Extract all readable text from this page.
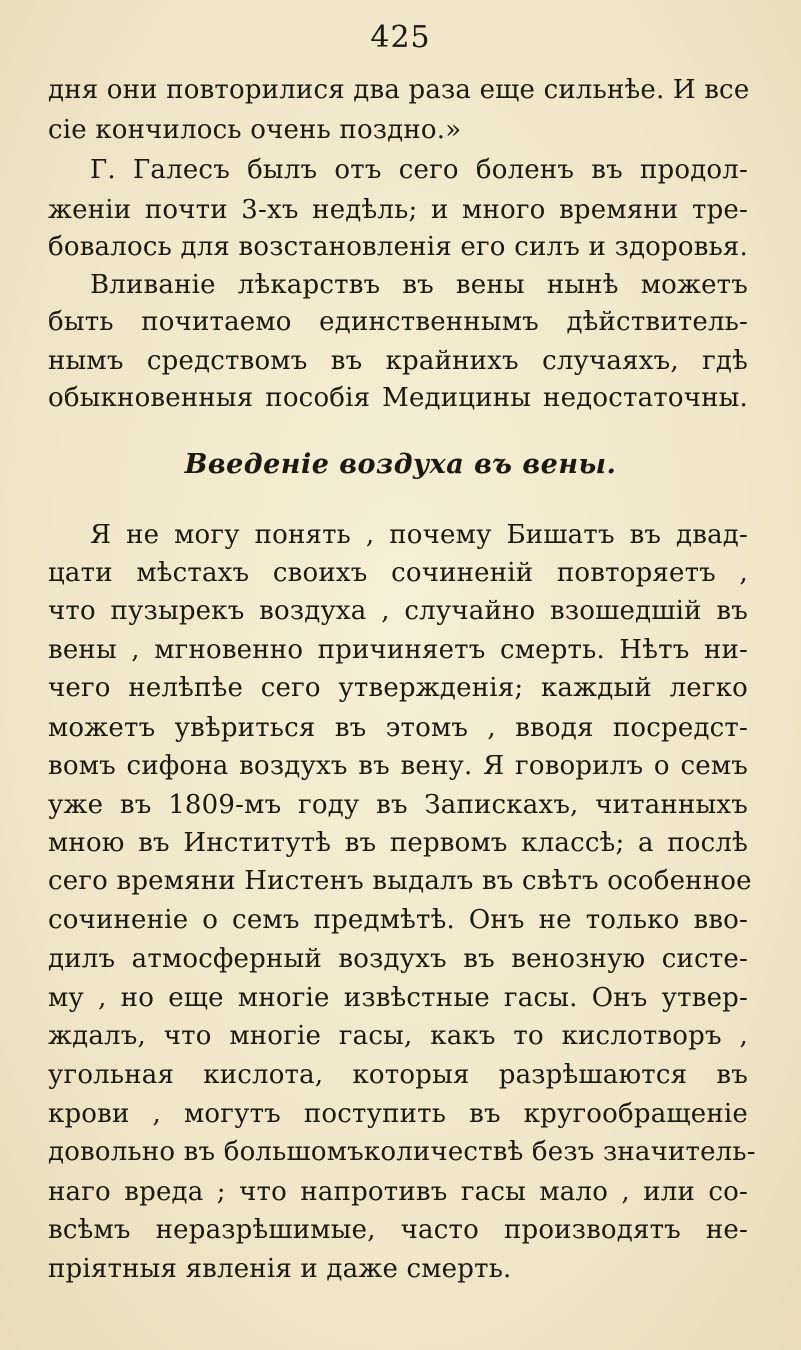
425
дня они повторилися два раза еще сильнѣе. И все
сіе кончилось очень поздно.»
Г. Галесъ былъ отъ сего боленъ въ продол-
женіи почти 3-хъ недѣль; и много времяни тре-
бовалось для возстановленія его силъ и здоровья.
Вливаніе лѣкарствъ въ вены нынѣ можетъ
быть почитаемо единственнымъ дѣйствитель-
нымъ средствомъ въ крайнихъ случаяхъ, гдѣ
обыкновенныя пособія Медицины недостаточны.
Введеніе воздуха въ вены.
Я не могу понять , почему Бишатъ въ двад-
цати мѣстахъ своихъ сочиненій повторяетъ ,
что пузырекъ воздуха , случайно взошедшій въ
вены , мгновенно причиняетъ смерть. Нѣтъ ни-
чего нелѣпѣе сего утвержденія; каждый легко
можетъ увѣриться въ этомъ , вводя посредст-
вомъ сифона воздухъ въ вену. Я говорилъ о семъ
уже въ 1809-мъ году въ Запискахъ, читанныхъ
мною въ Институтѣ въ первомъ классѣ; а послѣ
сего времяни Нистенъ выдалъ въ свѣтъ особенное
сочиненіе о семъ предмѣтѣ. Онъ не только вво-
дилъ атмосферный воздухъ въ венозную систе-
му , но еще многіе извѣстные гасы. Онъ утвер-
ждалъ, что многіе гасы, какъ то кислотворъ ,
угольная кислота, которыя разрѣшаются въ
крови , могутъ поступить въ кругообращеніе
довольно въ большомъколичествѣ безъ значитель-
наго вреда ; что напротивъ гасы мало , или со-
всѣмъ неразрѣшимые, часто производятъ не-
пріятныя явленія и даже смерть.
